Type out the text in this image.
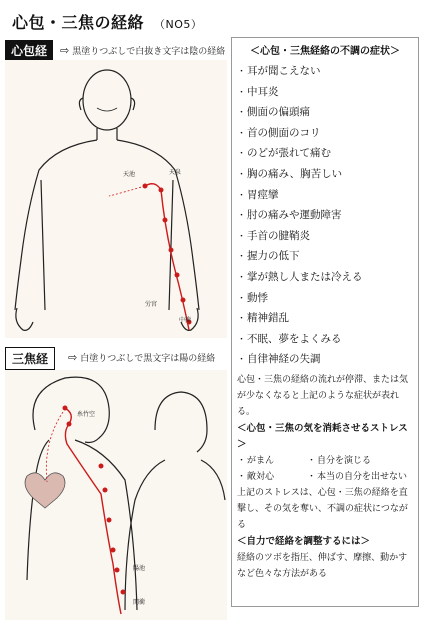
心包・三焦の経絡 （NO5）
心包経	⇨ 黒塗りつぶしで白抜き文字は陰の経絡
天池	天泉
労宮
中衝
三焦経	⇨ 白塗りつぶしで黒文字は陽の経絡
糸竹空
陽池
関衝
＜心包・三焦経絡の不調の症状＞
・ 耳が聞こえない
・ 中耳炎
・ 側面の偏頭痛
・ 首の側面のコリ
・ のどが張れて痛む
・ 胸の痛み、胸苦しい
・ 胃痙攣
・ 肘の痛みや運動障害
・ 手首の腱鞘炎
・ 握力の低下
・ 掌が熱し人または冷える
・ 動悸
・ 精神錯乱
・ 不眠、夢をよくみる
・ 自律神経の失調

心包・三焦の経絡の流れが停滞、または気が少なくなると上記のような症状が表れる。

＜心包・三焦の気を消耗させるストレス＞

・ がまん	・ 自分を演じる
・ 敵対心	・ 本当の自分を出せない

上記のストレスは、心包・三焦の経絡を直撃し、その気を奪い、不調の症状につながる

＜自力で経絡を調整するには＞

経絡のツボを指圧、伸ばす、摩擦、動かすなど色々な方法がある
